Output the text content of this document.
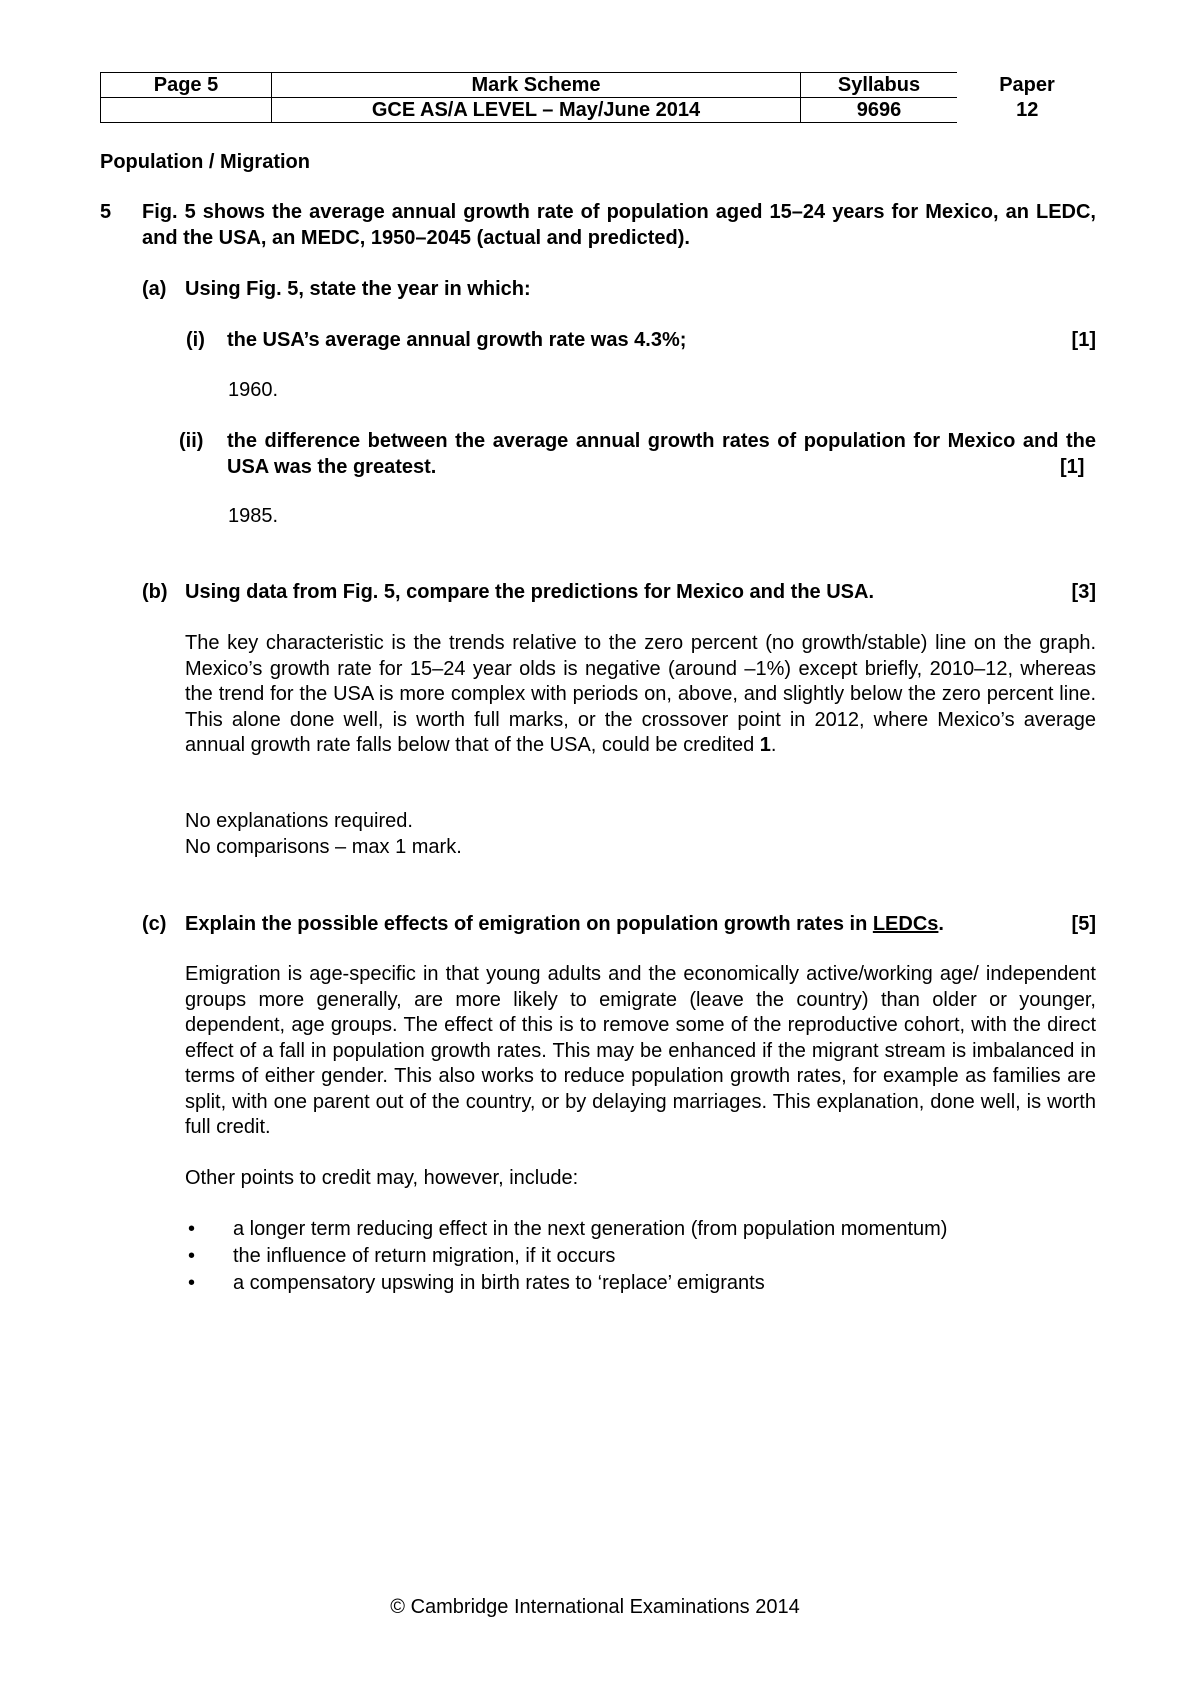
Page 5	Mark Scheme	Syllabus	Paper
	GCE AS/A LEVEL – May/June 2014	9696	12
Population / Migration
5 Fig. 5 shows the average annual growth rate of population aged 15–24 years for Mexico, an LEDC, and the USA, an MEDC, 1950–2045 (actual and predicted).
(a) Using Fig. 5, state the year in which:
(i) the USA’s average annual growth rate was 4.3%;	[1]
1960.
(ii) the difference between the average annual growth rates of population for Mexico and the USA was the greatest.	[1]
1985.
(b) Using data from Fig. 5, compare the predictions for Mexico and the USA.	[3]
The key characteristic is the trends relative to the zero percent (no growth/stable) line on the graph. Mexico’s growth rate for 15–24 year olds is negative (around –1%) except briefly, 2010–12, whereas the trend for the USA is more complex with periods on, above, and slightly below the zero percent line. This alone done well, is worth full marks, or the crossover point in 2012, where Mexico’s average annual growth rate falls below that of the USA, could be credited 1.
No explanations required.
No comparisons – max 1 mark.
(c) Explain the possible effects of emigration on population growth rates in LEDCs.	[5]
Emigration is age-specific in that young adults and the economically active/working age/ independent groups more generally, are more likely to emigrate (leave the country) than older or younger, dependent, age groups. The effect of this is to remove some of the reproductive cohort, with the direct effect of a fall in population growth rates. This may be enhanced if the migrant stream is imbalanced in terms of either gender. This also works to reduce population growth rates, for example as families are split, with one parent out of the country, or by delaying marriages. This explanation, done well, is worth full credit.
Other points to credit may, however, include:
• a longer term reducing effect in the next generation (from population momentum)
• the influence of return migration, if it occurs
• a compensatory upswing in birth rates to ‘replace’ emigrants
© Cambridge International Examinations 2014
